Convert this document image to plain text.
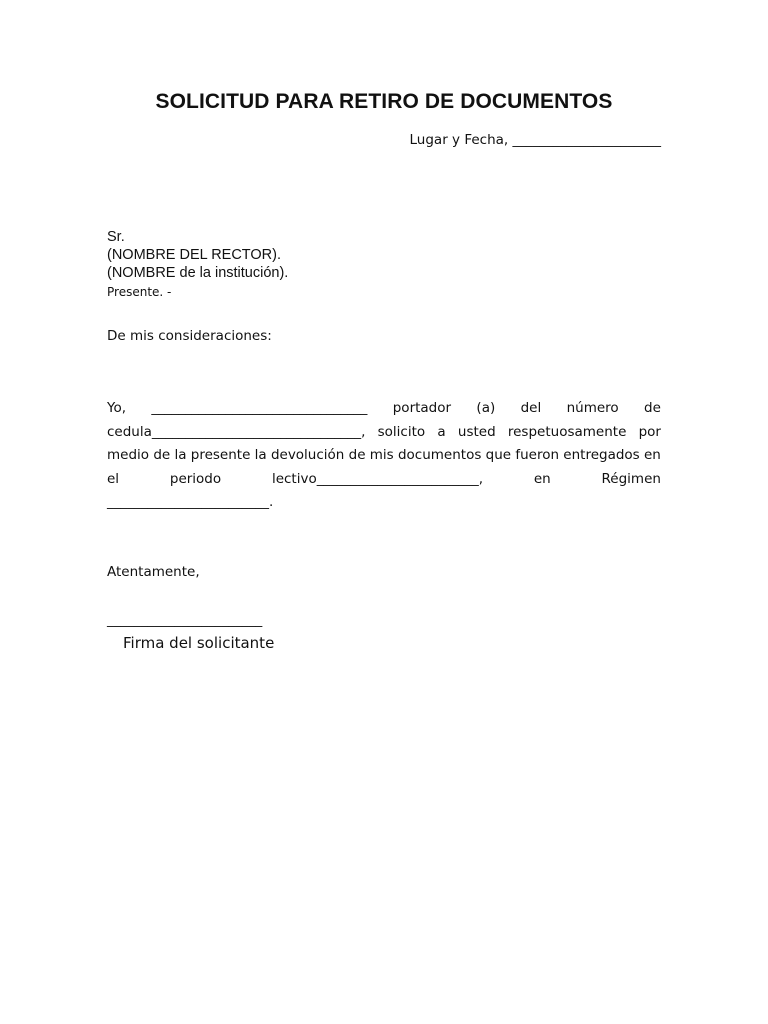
SOLICITUD PARA RETIRO DE DOCUMENTOS
Lugar y Fecha, ______________________
Sr.
(NOMBRE DEL RECTOR).
(NOMBRE de la institución).
Presente. -
De mis consideraciones:
Yo, ________________________________ portador (a) del número de
cedula_______________________________, solicito a usted respetuosamente por
medio de la presente la devolución de mis documentos que fueron entregados en
el	periodo	lectivo________________________,	en	Régimen
________________________.
Atentamente,
_______________________
Firma del solicitante
